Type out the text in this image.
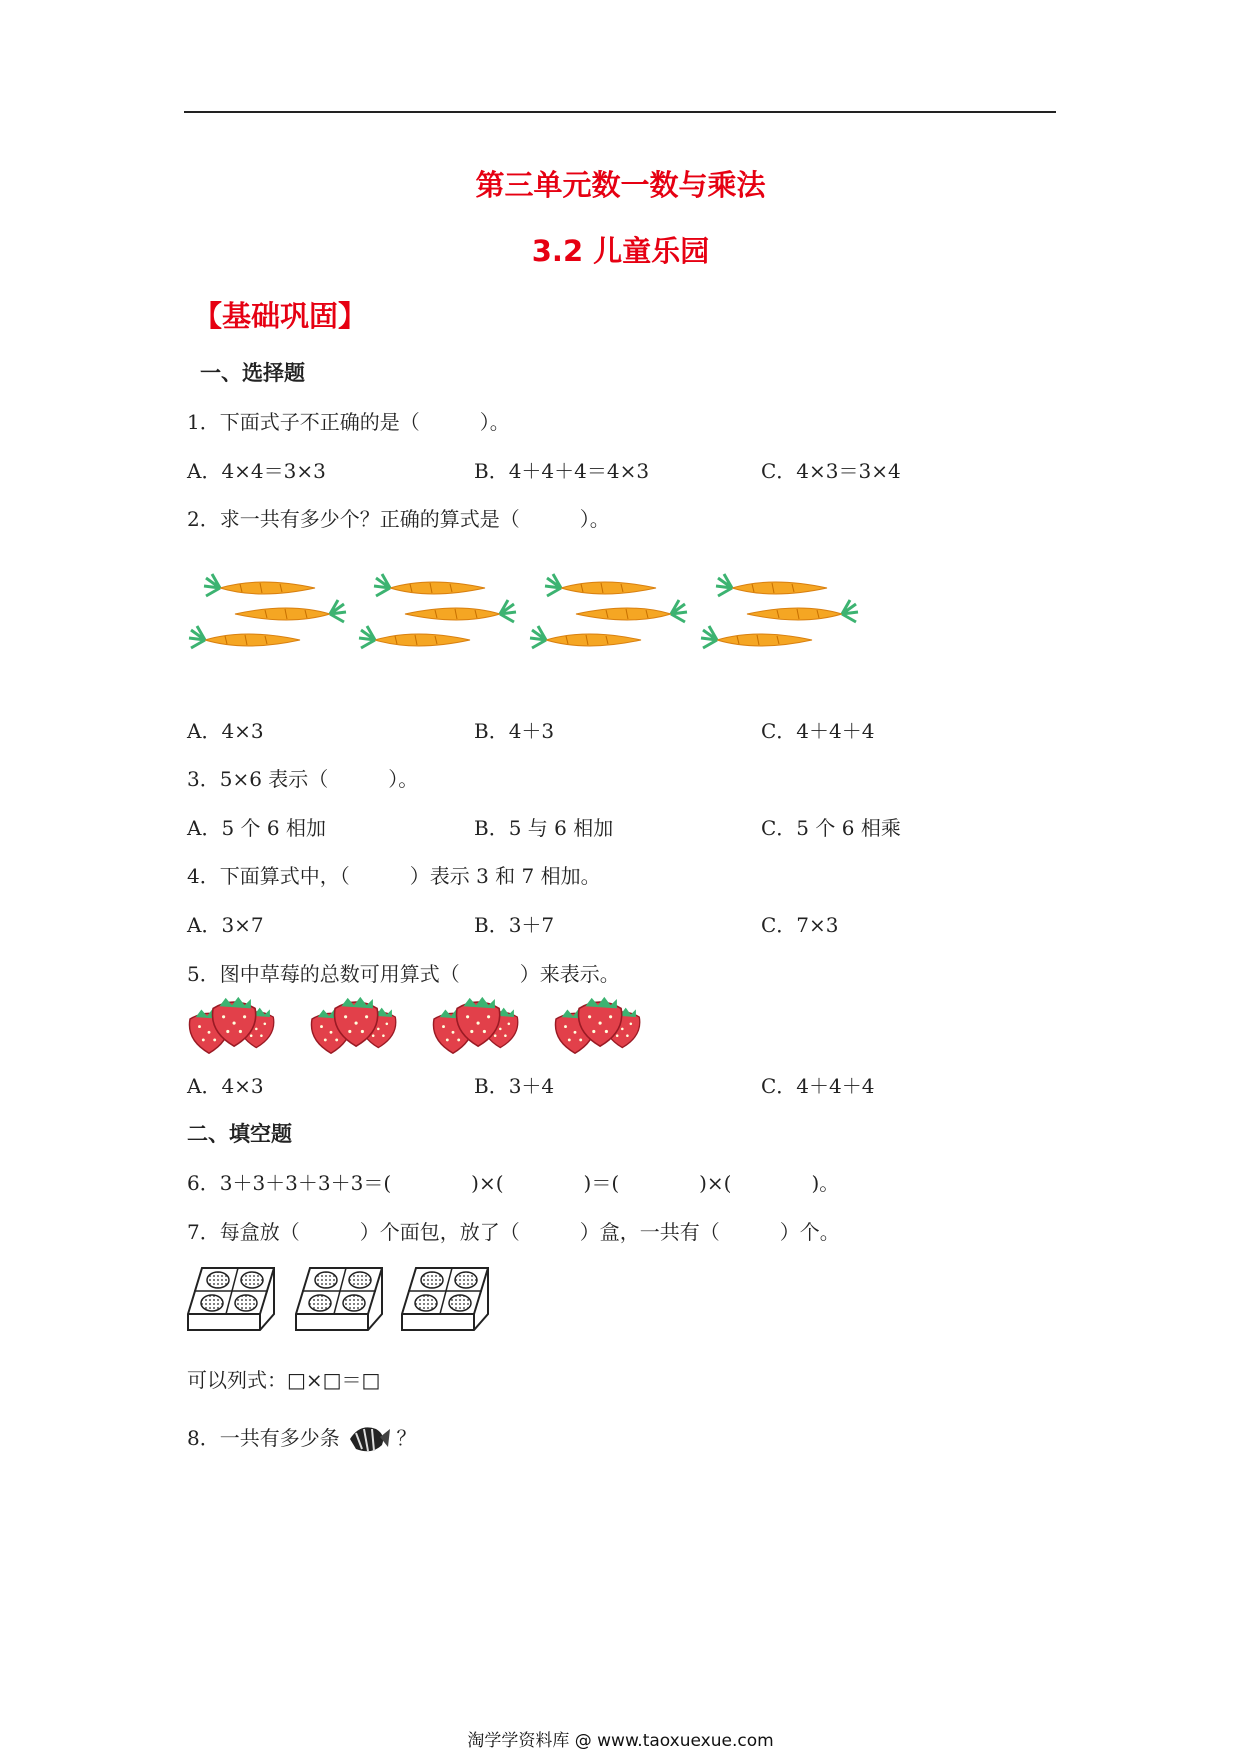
第三单元数一数与乘法
3.2 儿童乐园
【基础巩固】
一、选择题
1．下面式子不正确的是（　　　）。
A．4×4＝3×3	B．4＋4＋4＝4×3	C．4×3＝3×4
2．求一共有多少个？正确的算式是（　　　）。
A．4×3	B．4＋3	C．4＋4＋4
3．5×6 表示（　　　）。
A．5 个 6 相加	B．5 与 6 相加	C．5 个 6 相乘
4．下面算式中，（　　　）表示 3 和 7 相加。
A．3×7	B．3＋7	C．7×3
5．图中草莓的总数可用算式（　　　）来表示。
A．4×3	B．3＋4	C．4＋4＋4
二、填空题
6．3＋3＋3＋3＋3＝(　　　　)×(　　　　)＝(　　　　)×(　　　　)。
7．每盒放（　　　）个面包，放了（　　　）盒，一共有（　　　）个。
可以列式：□×□＝□
8．一共有多少条	？
淘学学资料库 @ www.taoxuexue.com
